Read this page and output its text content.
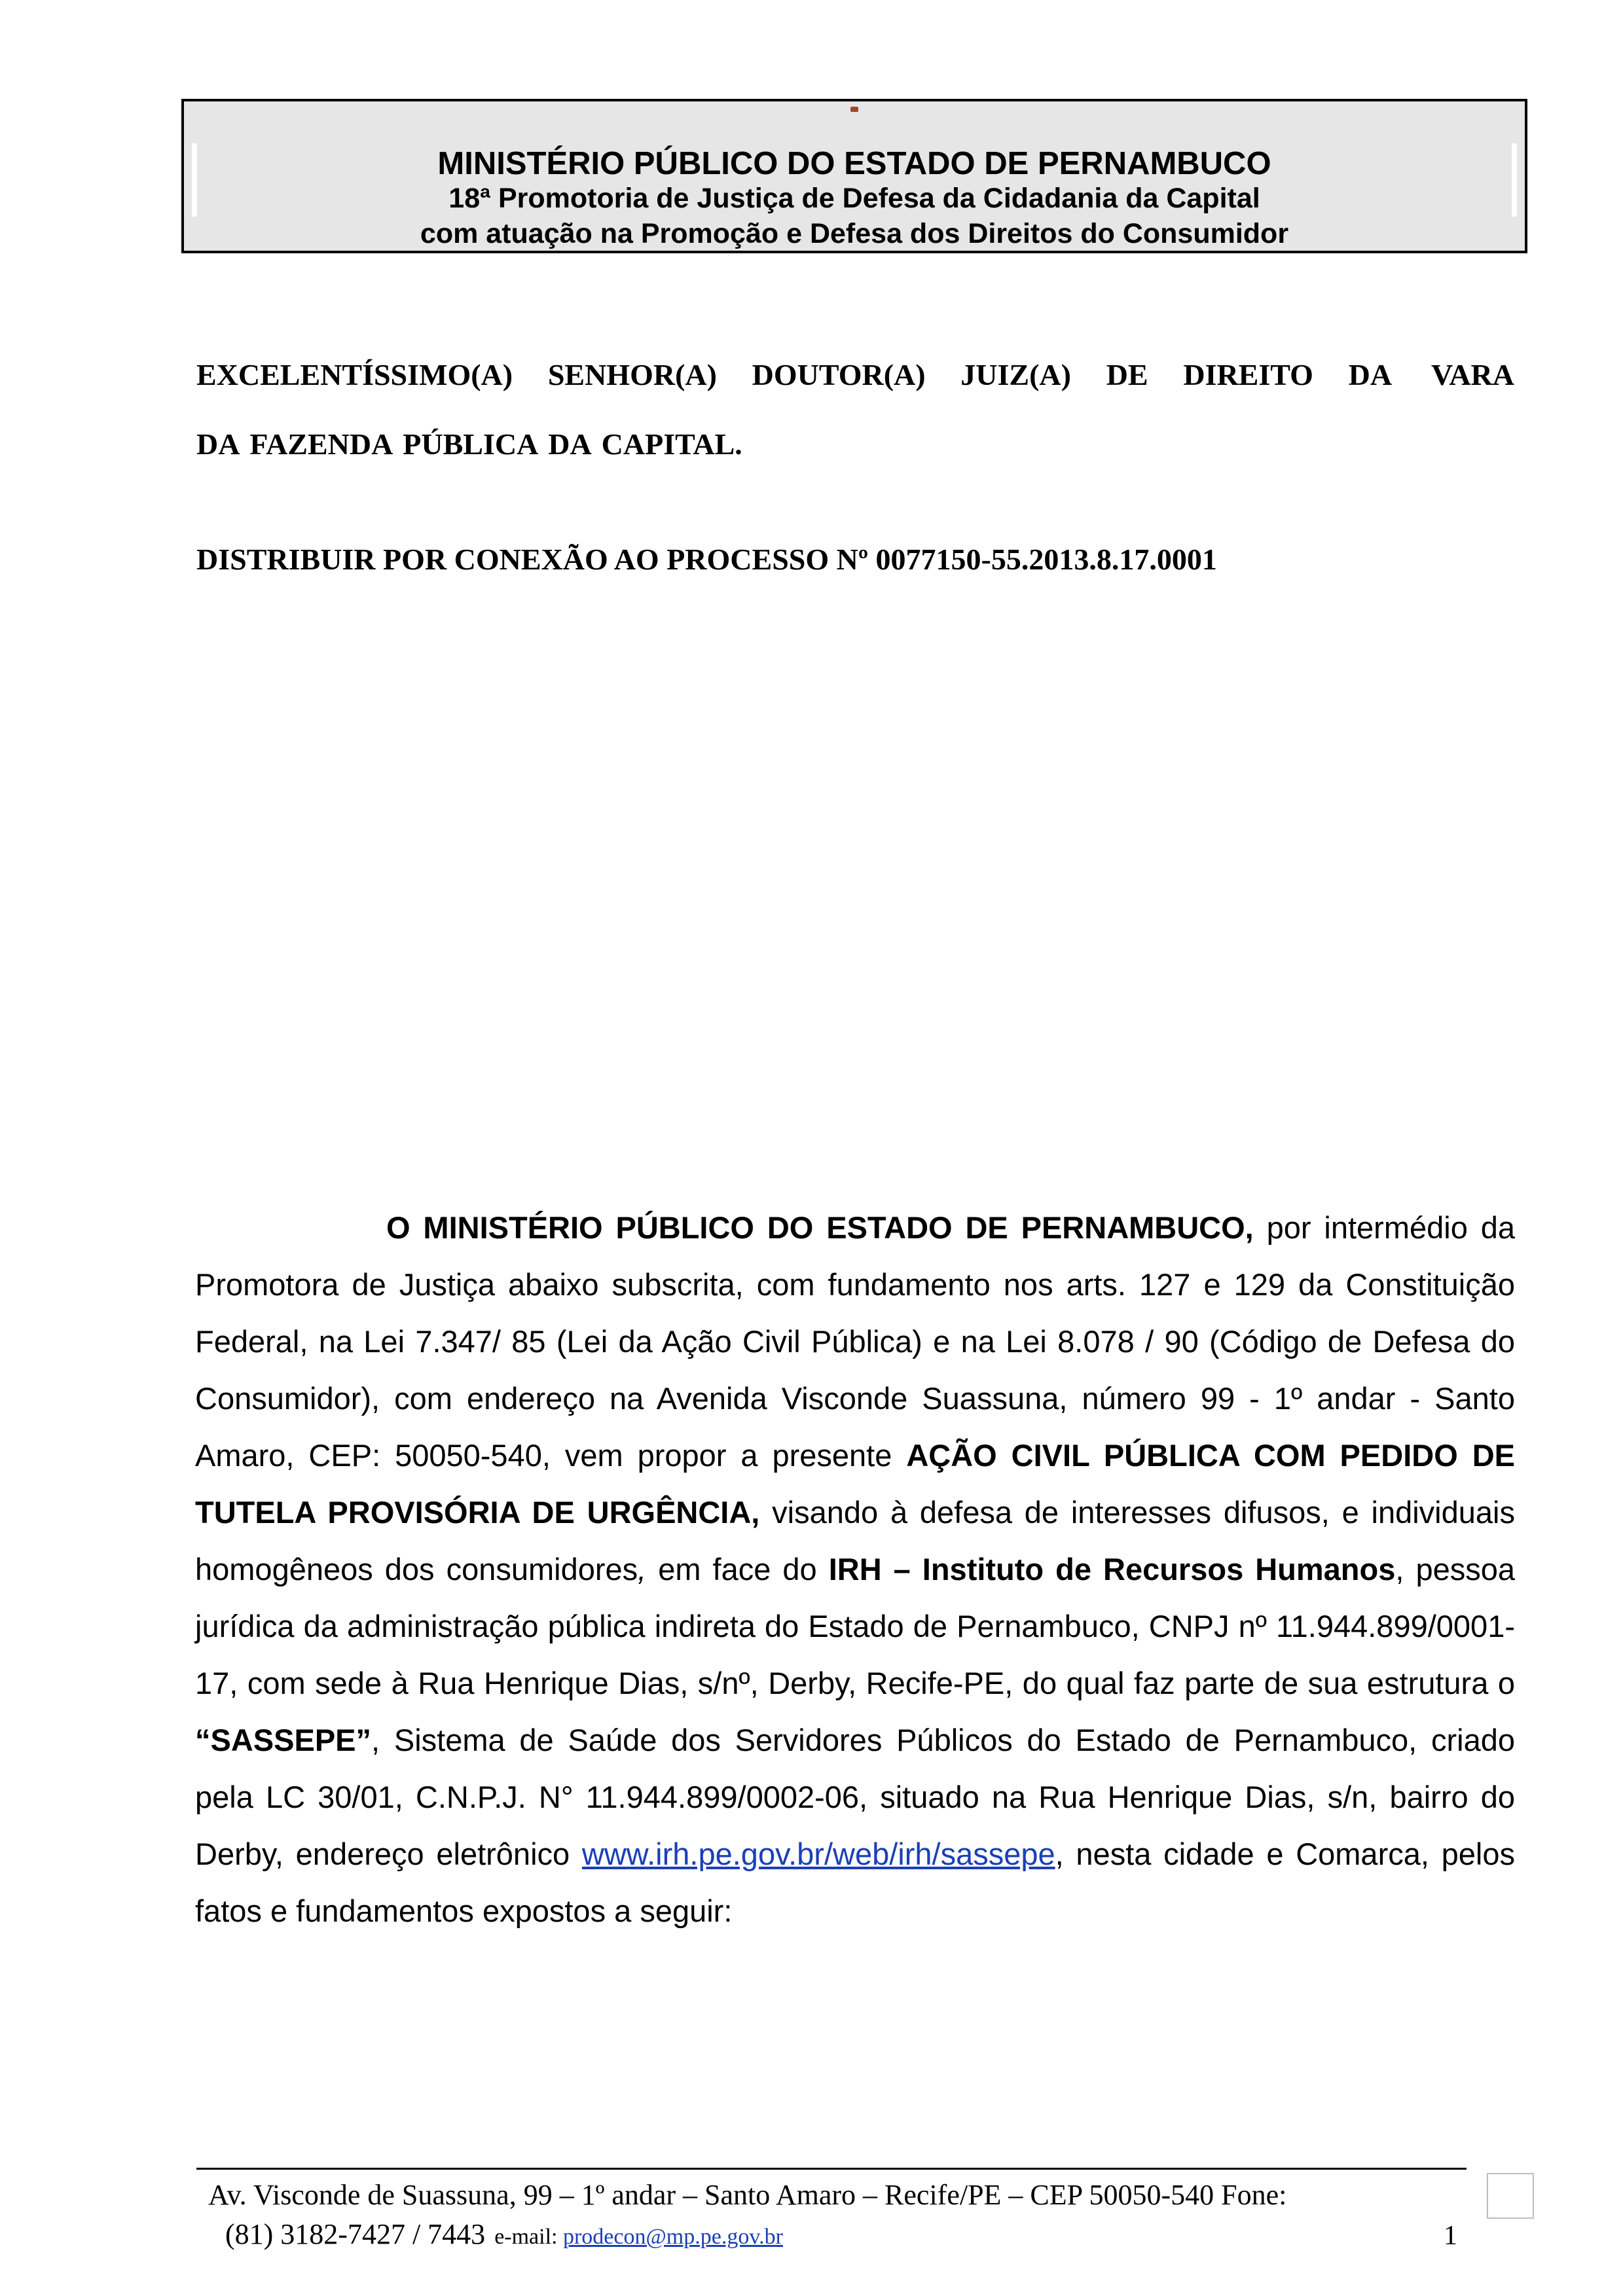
MINISTÉRIO PÚBLICO DO ESTADO DE PERNAMBUCO
18ª Promotoria de Justiça de Defesa da Cidadania da Capital
com atuação na Promoção e Defesa dos Direitos do Consumidor
EXCELENTÍSSIMO(A) SENHOR(A) DOUTOR(A) JUIZ(A) DE DIREITO DA VARA
DA FAZENDA PÚBLICA DA CAPITAL.
DISTRIBUIR POR CONEXÃO AO PROCESSO Nº 0077150-55.2013.8.17.0001
O MINISTÉRIO PÚBLICO DO ESTADO DE PERNAMBUCO, por intermédio da Promotora de Justiça abaixo subscrita, com fundamento nos arts. 127 e 129 da Constituição Federal, na Lei 7.347/ 85 (Lei da Ação Civil Pública) e na Lei 8.078 / 90 (Código de Defesa do Consumidor), com endereço na Avenida Visconde Suassuna, número 99 - 1º andar - Santo Amaro, CEP: 50050-540, vem propor a presente AÇÃO CIVIL PÚBLICA COM PEDIDO DE TUTELA PROVISÓRIA DE URGÊNCIA, visando à defesa de interesses difusos, e individuais homogêneos dos consumidores, em face do IRH – Instituto de Recursos Humanos, pessoa jurídica da administração pública indireta do Estado de Pernambuco, CNPJ nº 11.944.899/0001-17, com sede à Rua Henrique Dias, s/nº, Derby, Recife-PE, do qual faz parte de sua estrutura o “SASSEPE”, Sistema de Saúde dos Servidores Públicos do Estado de Pernambuco, criado pela LC 30/01, C.N.P.J. N° 11.944.899/0002-06, situado na Rua Henrique Dias, s/n, bairro do Derby, endereço eletrônico www.irh.pe.gov.br/web/irh/sassepe, nesta cidade e Comarca, pelos fatos e fundamentos expostos a seguir:
Av. Visconde de Suassuna, 99 – 1º andar – Santo Amaro – Recife/PE – CEP 50050-540 Fone:
(81) 3182-7427 / 7443 e-mail: prodecon@mp.pe.gov.br	1
